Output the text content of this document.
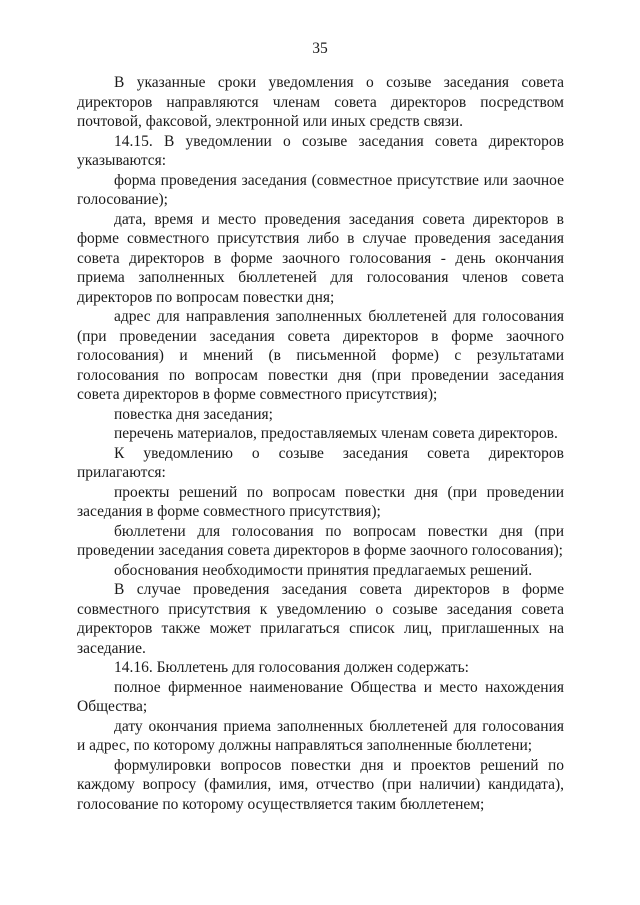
35

В указанные сроки уведомления о созыве заседания совета директоров направляются членам совета директоров посредством почтовой, факсовой, электронной или иных средств связи.

14.15. В уведомлении о созыве заседания совета директоров указываются:

форма проведения заседания (совместное присутствие или заочное голосование);

дата, время и место проведения заседания совета директоров в форме совместного присутствия либо в случае проведения заседания совета директоров в форме заочного голосования - день окончания приема заполненных бюллетеней для голосования членов совета директоров по вопросам повестки дня;

адрес для направления заполненных бюллетеней для голосования (при проведении заседания совета директоров в форме заочного голосования) и мнений (в письменной форме) с результатами голосования по вопросам повестки дня (при проведении заседания совета директоров в форме совместного присутствия);

повестка дня заседания;

перечень материалов, предоставляемых членам совета директоров.

К уведомлению о созыве заседания совета директоров прилагаются:

проекты решений по вопросам повестки дня (при проведении заседания в форме совместного присутствия);

бюллетени для голосования по вопросам повестки дня (при проведении заседания совета директоров в форме заочного голосования);

обоснования необходимости принятия предлагаемых решений.

В случае проведения заседания совета директоров в форме совместного присутствия к уведомлению о созыве заседания совета директоров также может прилагаться список лиц, приглашенных на заседание.

14.16. Бюллетень для голосования должен содержать:

полное фирменное наименование Общества и место нахождения Общества;

дату окончания приема заполненных бюллетеней для голосования и адрес, по которому должны направляться заполненные бюллетени;

формулировки вопросов повестки дня и проектов решений по каждому вопросу (фамилия, имя, отчество (при наличии) кандидата), голосование по которому осуществляется таким бюллетенем;
